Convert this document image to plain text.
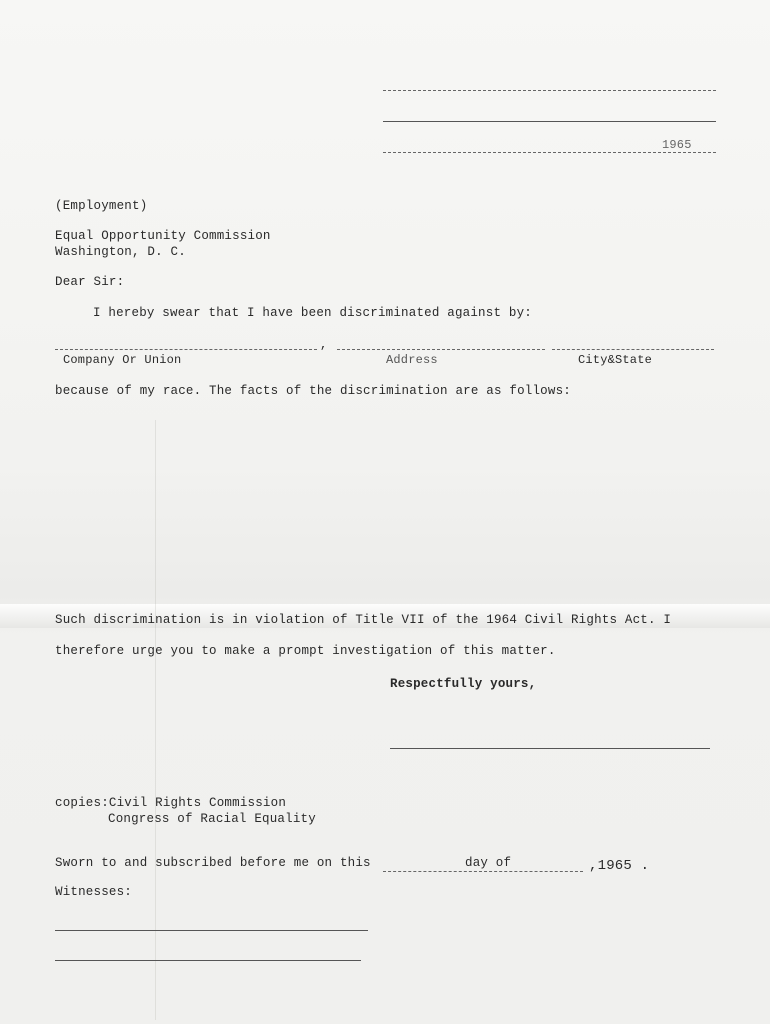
1965
(Employment)
Equal Opportunity Commission
Washington, D. C.
Dear Sir:
I hereby swear that I have been discriminated against by:
,
Company Or Union	Address	City&State
because of my race. The facts of the discrimination are as follows:
Such discrimination is in violation of Title VII of the 1964 Civil Rights Act. I
therefore urge you to make a prompt investigation of this matter.
Respectfully yours,
copies:Civil Rights Commission
Congress of Racial Equality
Sworn to and subscribed before me on this	day of	,1965 .
Witnesses:
